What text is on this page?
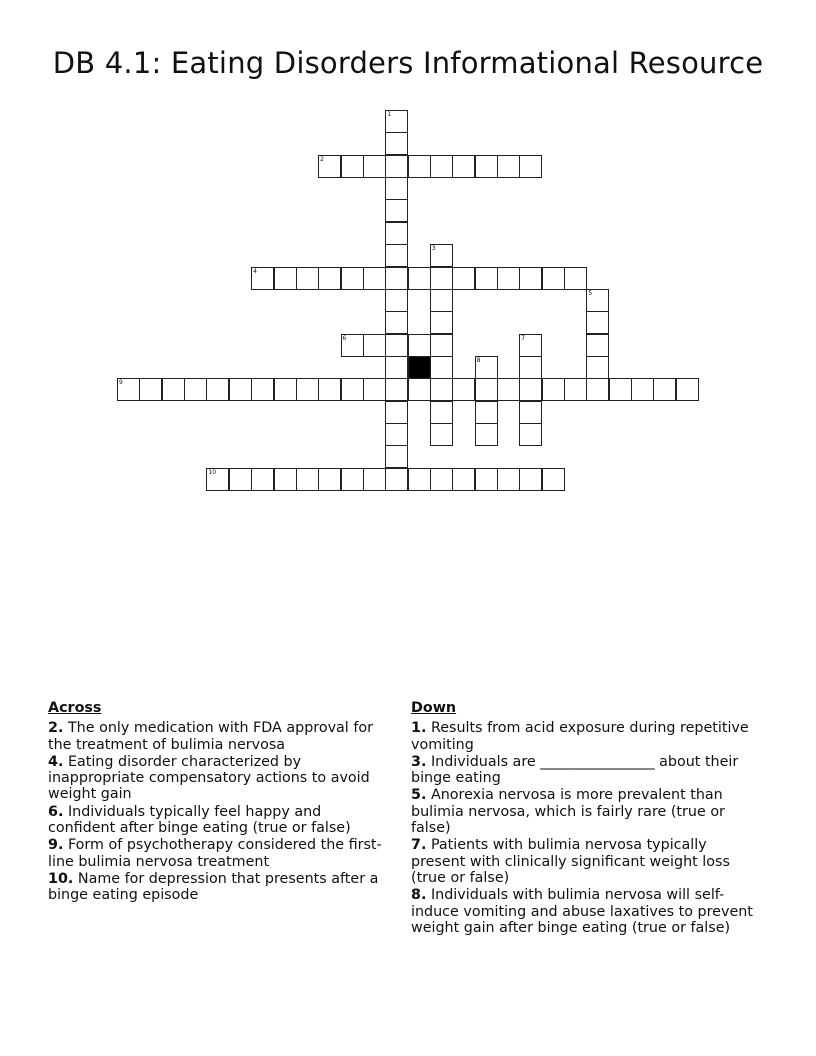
DB 4.1: Eating Disorders Informational Resource
2
4
6
9
10
1
3
5
7
8
Across
2. The only medication with FDA approval for the treatment of bulimia nervosa
4. Eating disorder characterized by inappropriate compensatory actions to avoid weight gain
6. Individuals typically feel happy and confident after binge eating (true or false)
9. Form of psychotherapy considered the first-line bulimia nervosa treatment
10. Name for depression that presents after a binge eating episode
Down
1. Results from acid exposure during repetitive vomiting
3. Individuals are ________________ about their binge eating
5. Anorexia nervosa is more prevalent than bulimia nervosa, which is fairly rare (true or false)
7. Patients with bulimia nervosa typically present with clinically significant weight loss (true or false)
8. Individuals with bulimia nervosa will self-induce vomiting and abuse laxatives to prevent weight gain after binge eating (true or false)
